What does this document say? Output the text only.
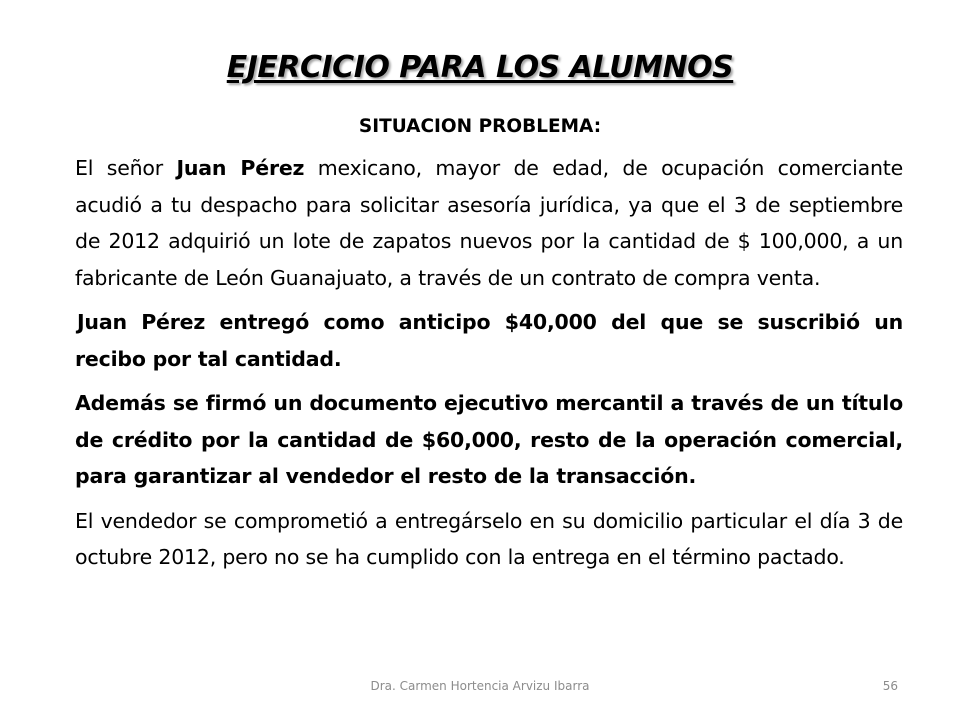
EJERCICIO PARA LOS ALUMNOS
SITUACION PROBLEMA:

El señor Juan Pérez mexicano, mayor de edad, de ocupación comerciante acudió a tu despacho para solicitar asesoría jurídica, ya que el 3 de septiembre de 2012 adquirió un lote de zapatos nuevos por la cantidad de $ 100,000, a un fabricante de León Guanajuato, a través de un contrato de compra venta.

Juan Pérez entregó como anticipo $40,000 del que se suscribió un recibo por tal cantidad.

Además se firmó un documento ejecutivo mercantil a través de un título de crédito por la cantidad de $60,000, resto de la operación comercial, para garantizar al vendedor el resto de la transacción.

El vendedor se comprometió a entregárselo en su domicilio particular el día 3 de octubre 2012, pero no se ha cumplido con la entrega en el término pactado.

Dra. Carmen Hortencia Arvizu Ibarra	56
